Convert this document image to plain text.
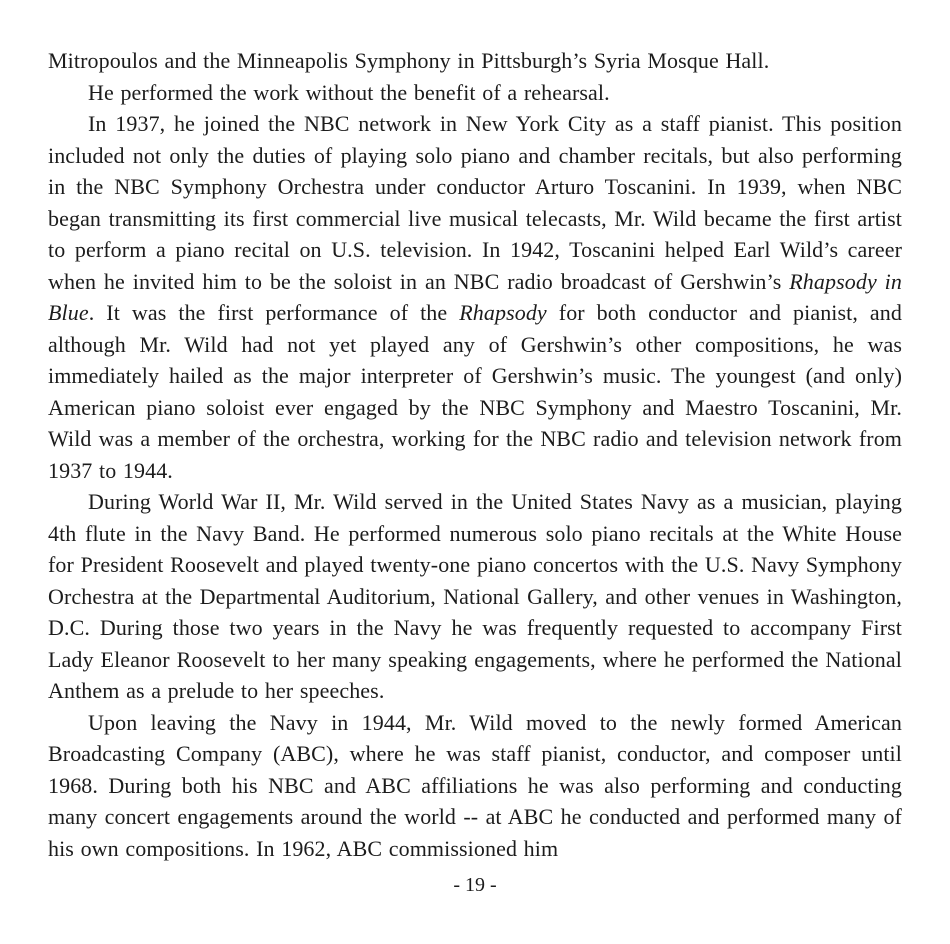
Mitropoulos and the Minneapolis Symphony in Pittsburgh’s Syria Mosque Hall.

He performed the work without the benefit of a rehearsal.

In 1937, he joined the NBC network in New York City as a staff pianist. This position included not only the duties of playing solo piano and chamber recitals, but also performing in the NBC Symphony Orchestra under conductor Arturo Toscanini. In 1939, when NBC began transmitting its first commercial live musical telecasts, Mr. Wild became the first artist to perform a piano recital on U.S. television. In 1942, Toscanini helped Earl Wild’s career when he invited him to be the soloist in an NBC radio broadcast of Gershwin’s Rhapsody in Blue. It was the first performance of the Rhapsody for both conductor and pianist, and although Mr. Wild had not yet played any of Gershwin’s other compositions, he was immediately hailed as the major interpreter of Gershwin’s music. The youngest (and only) American piano soloist ever engaged by the NBC Symphony and Maestro Toscanini, Mr. Wild was a member of the orchestra, working for the NBC radio and television network from 1937 to 1944.

During World War II, Mr. Wild served in the United States Navy as a musician, playing 4th flute in the Navy Band. He performed numerous solo piano recitals at the White House for President Roosevelt and played twenty-one piano concertos with the U.S. Navy Symphony Orchestra at the Departmental Auditorium, National Gallery, and other venues in Washington, D.C. During those two years in the Navy he was frequently requested to accompany First Lady Eleanor Roosevelt to her many speaking engagements, where he performed the National Anthem as a prelude to her speeches.

Upon leaving the Navy in 1944, Mr. Wild moved to the newly formed American Broadcasting Company (ABC), where he was staff pianist, conductor, and composer until 1968. During both his NBC and ABC affiliations he was also performing and conducting many concert engagements around the world -- at ABC he conducted and performed many of his own compositions. In 1962, ABC commissioned him

- 19 -
